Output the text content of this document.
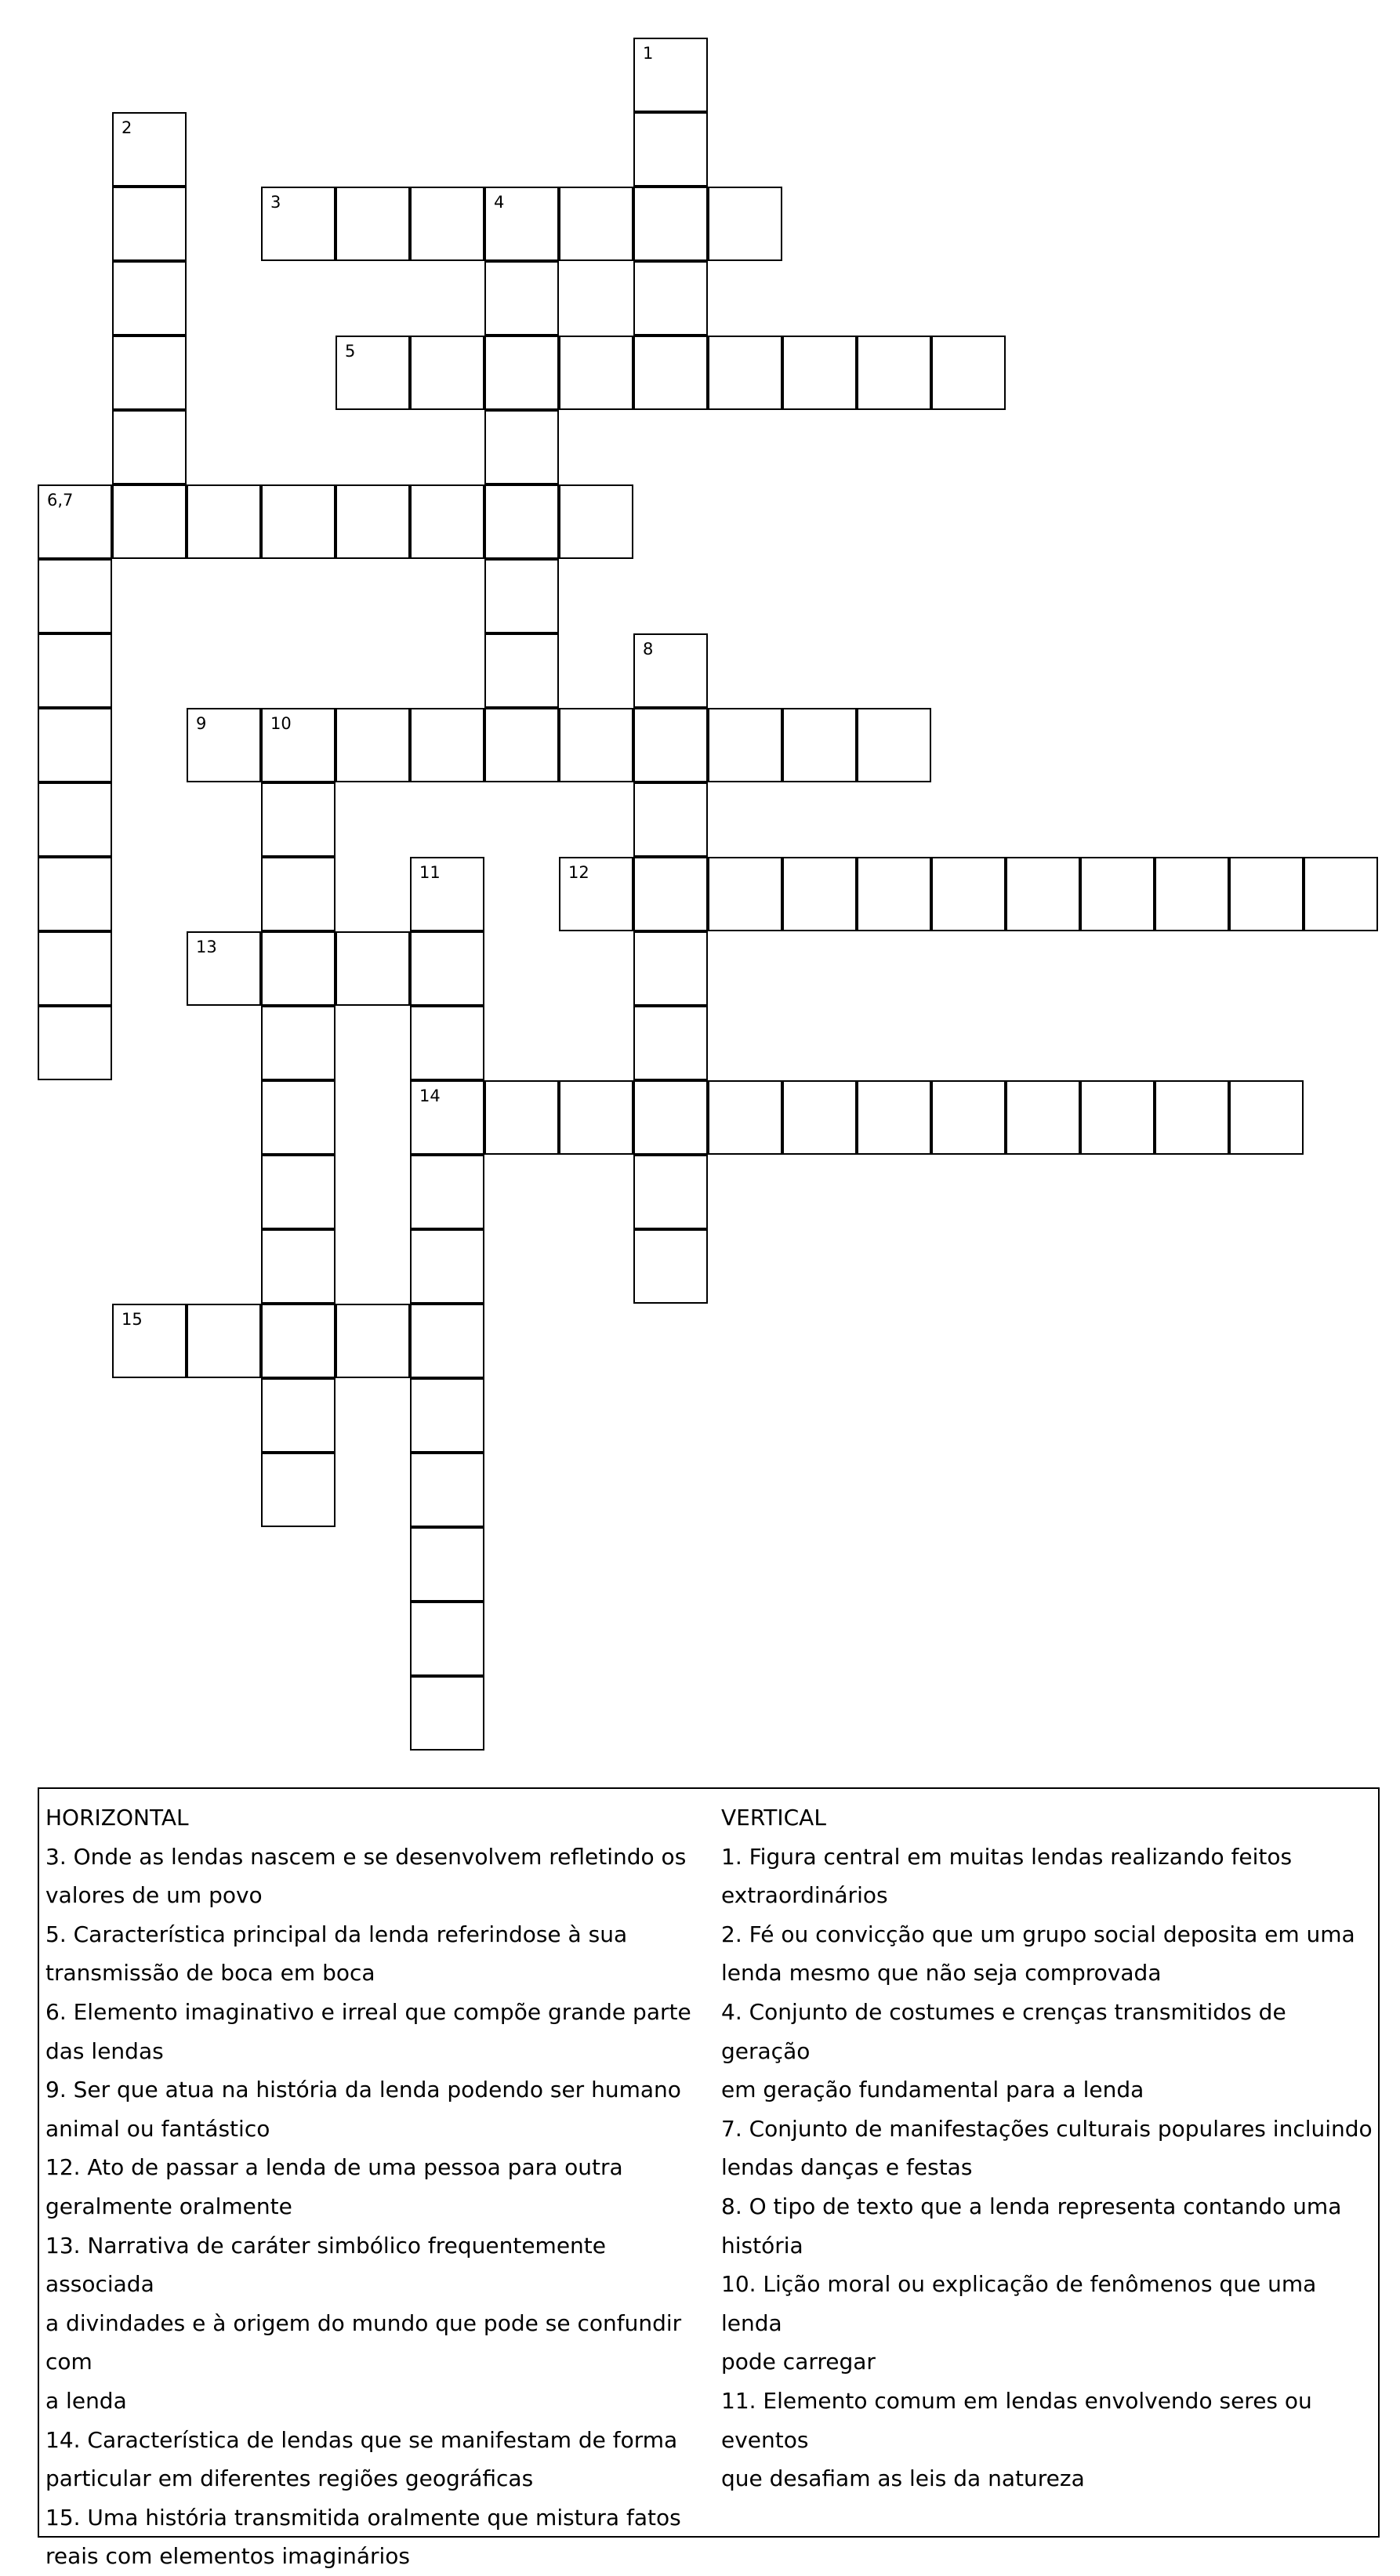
1
2
3	4
5
6,7
8
9	10
11
14
12
13
15
HORIZONTAL

3. Onde as lendas nascem e se desenvolvem refletindo os

valores de um povo

5. Característica principal da lenda referindose à sua

transmissão de boca em boca

6. Elemento imaginativo e irreal que compõe grande parte

das lendas

9. Ser que atua na história da lenda podendo ser humano

animal ou fantástico

12. Ato de passar a lenda de uma pessoa para outra

geralmente oralmente

13. Narrativa de caráter simbólico frequentemente associada

a divindades e à origem do mundo que pode se confundir com

a lenda

14. Característica de lendas que se manifestam de forma

particular em diferentes regiões geográficas

15. Uma história transmitida oralmente que mistura fatos

reais com elementos imaginários

VERTICAL

1. Figura central em muitas lendas realizando feitos

extraordinários

2. Fé ou convicção que um grupo social deposita em uma

lenda mesmo que não seja comprovada

4. Conjunto de costumes e crenças transmitidos de geração

em geração fundamental para a lenda

7. Conjunto de manifestações culturais populares incluindo

lendas danças e festas

8. O tipo de texto que a lenda representa contando uma

história

10. Lição moral ou explicação de fenômenos que uma lenda

pode carregar

11. Elemento comum em lendas envolvendo seres ou eventos

que desafiam as leis da natureza
